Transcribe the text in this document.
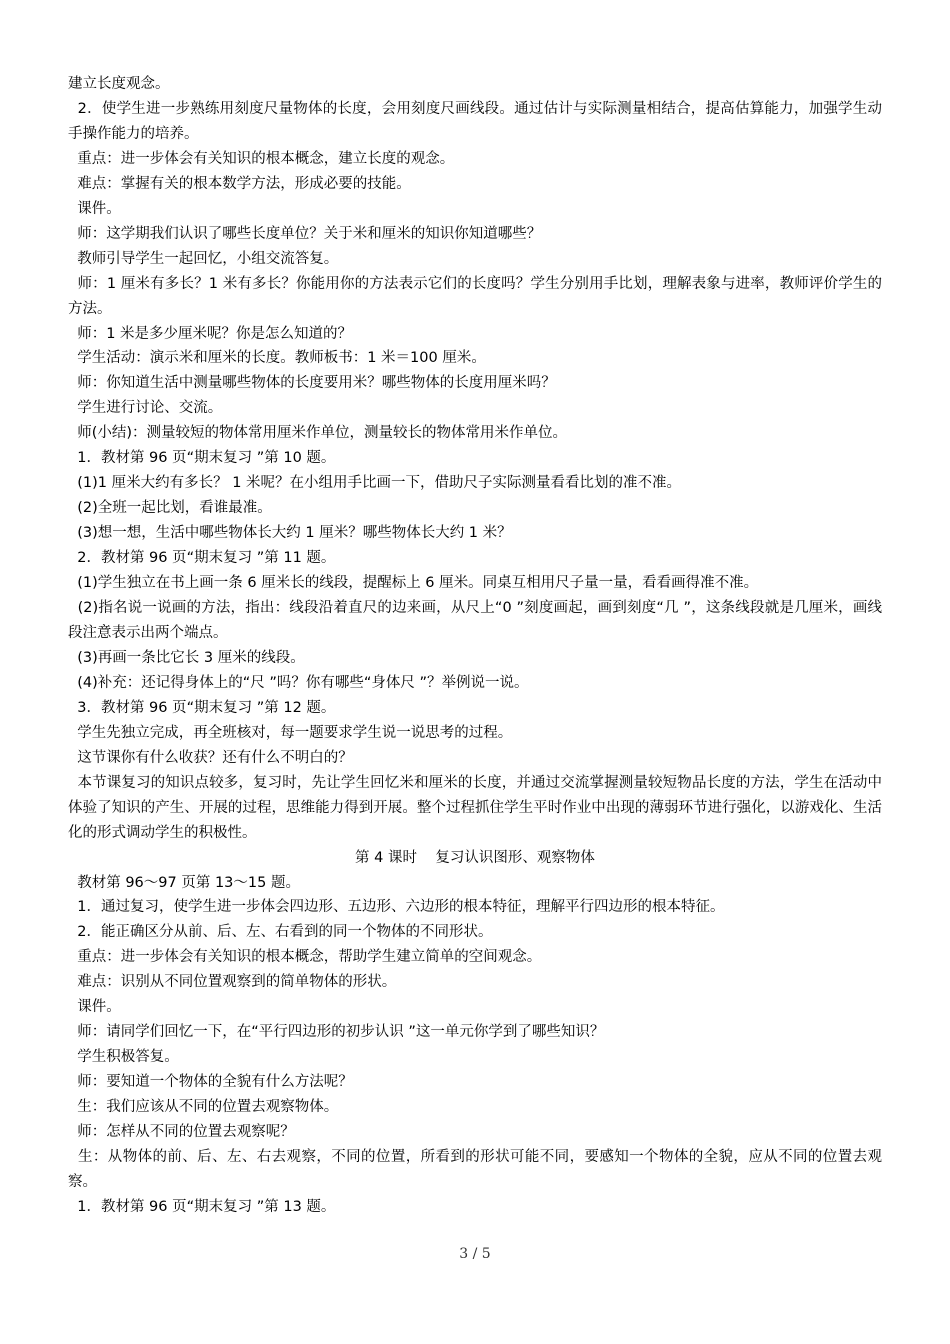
建立长度观念。

2．使学生进一步熟练用刻度尺量物体的长度，会用刻度尺画线段。通过估计与实际测量相结合，提高估算能力，加强学生动手操作能力的培养。

重点：进一步体会有关知识的根本概念，建立长度的观念。

难点：掌握有关的根本数学方法，形成必要的技能。

课件。

师：这学期我们认识了哪些长度单位？关于米和厘米的知识你知道哪些？

教师引导学生一起回忆，小组交流答复。

师：1 厘米有多长？1 米有多长？你能用你的方法表示它们的长度吗？学生分别用手比划，理解表象与进率，教师评价学生的方法。

师：1 米是多少厘米呢？你是怎么知道的？

学生活动：演示米和厘米的长度。教师板书：1 米＝100 厘米。

师：你知道生活中测量哪些物体的长度要用米？哪些物体的长度用厘米吗？

学生进行讨论、交流。

师(小结)：测量较短的物体常用厘米作单位，测量较长的物体常用米作单位。

1．教材第 96 页“期末复习 ”第 10 题。

(1)1 厘米大约有多长？ 1 米呢？在小组用手比画一下，借助尺子实际测量看看比划的准不准。

(2)全班一起比划，看谁最准。

(3)想一想，生活中哪些物体长大约 1 厘米？哪些物体长大约 1 米？

2．教材第 96 页“期末复习 ”第 11 题。

(1)学生独立在书上画一条 6 厘米长的线段，提醒标上 6 厘米。同桌互相用尺子量一量，看看画得准不准。

(2)指名说一说画的方法，指出：线段沿着直尺的边来画，从尺上“0 ”刻度画起，画到刻度“几 ”，这条线段就是几厘米，画线段注意表示出两个端点。

(3)再画一条比它长 3 厘米的线段。

(4)补充：还记得身体上的“尺 ”吗？你有哪些“身体尺 ”？举例说一说。

3．教材第 96 页“期末复习 ”第 12 题。

学生先独立完成，再全班核对，每一题要求学生说一说思考的过程。

这节课你有什么收获？还有什么不明白的？

本节课复习的知识点较多，复习时，先让学生回忆米和厘米的长度，并通过交流掌握测量较短物品长度的方法，学生在活动中体验了知识的产生、开展的过程，思维能力得到开展。整个过程抓住学生平时作业中出现的薄弱环节进行强化，以游戏化、生活化的形式调动学生的积极性。

第 4 课时    复习认识图形、观察物体

教材第 96～97 页第 13～15 题。

1．通过复习，使学生进一步体会四边形、五边形、六边形的根本特征，理解平行四边形的根本特征。

2．能正确区分从前、后、左、右看到的同一个物体的不同形状。

重点：进一步体会有关知识的根本概念，帮助学生建立简单的空间观念。

难点：识别从不同位置观察到的简单物体的形状。

课件。

师：请同学们回忆一下，在“平行四边形的初步认识 ”这一单元你学到了哪些知识？

学生积极答复。

师：要知道一个物体的全貌有什么方法呢？

生：我们应该从不同的位置去观察物体。

师：怎样从不同的位置去观察呢？

生：从物体的前、后、左、右去观察，不同的位置，所看到的形状可能不同，要感知一个物体的全貌，应从不同的位置去观察。

1．教材第 96 页“期末复习 ”第 13 题。

3 / 5
